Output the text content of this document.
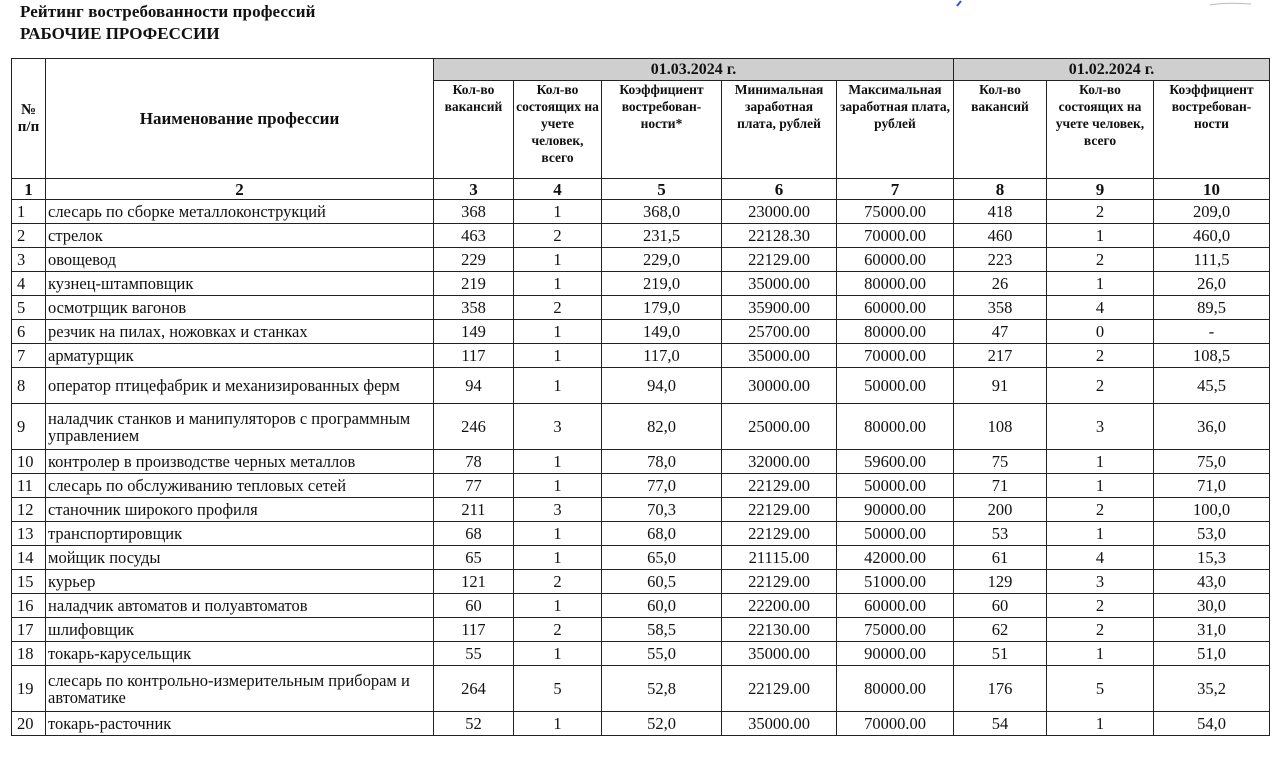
Рейтинг востребованности профессий
РАБОЧИЕ ПРОФЕССИИ
№ п/п	Наименование профессии	01.03.2024 г.					01.02.2024 г.		
		Кол-во вакансий	Кол-во состоящих на учете человек, всего	Коэффициент востребован-ности*	Минимальная заработная плата, рублей	Максимальная заработная плата, рублей	Кол-во вакансий	Кол-во состоящих на учете человек, всего	Коэффициент востребован-ности
1	2	3	4	5	6	7	8	9	10
1	слесарь по сборке металлоконструкций	368	1	368,0	23000.00	75000.00	418	2	209,0
2	стрелок	463	2	231,5	22128.30	70000.00	460	1	460,0
3	овощевод	229	1	229,0	22129.00	60000.00	223	2	111,5
4	кузнец-штамповщик	219	1	219,0	35000.00	80000.00	26	1	26,0
5	осмотрщик вагонов	358	2	179,0	35900.00	60000.00	358	4	89,5
6	резчик на пилах, ножовках и станках	149	1	149,0	25700.00	80000.00	47	0	-
7	арматурщик	117	1	117,0	35000.00	70000.00	217	2	108,5
8	оператор птицефабрик и механизированных ферм	94	1	94,0	30000.00	50000.00	91	2	45,5
9	наладчик станков и манипуляторов с программным управлением	246	3	82,0	25000.00	80000.00	108	3	36,0
10	контролер в производстве черных металлов	78	1	78,0	32000.00	59600.00	75	1	75,0
11	слесарь по обслуживанию тепловых сетей	77	1	77,0	22129.00	50000.00	71	1	71,0
12	станочник широкого профиля	211	3	70,3	22129.00	90000.00	200	2	100,0
13	транспортировщик	68	1	68,0	22129.00	50000.00	53	1	53,0
14	мойщик посуды	65	1	65,0	21115.00	42000.00	61	4	15,3
15	курьер	121	2	60,5	22129.00	51000.00	129	3	43,0
16	наладчик автоматов и полуавтоматов	60	1	60,0	22200.00	60000.00	60	2	30,0
17	шлифовщик	117	2	58,5	22130.00	75000.00	62	2	31,0
18	токарь-карусельщик	55	1	55,0	35000.00	90000.00	51	1	51,0
19	слесарь по контрольно-измерительным приборам и автоматике	264	5	52,8	22129.00	80000.00	176	5	35,2
20	токарь-расточник	52	1	52,0	35000.00	70000.00	54	1	54,0
